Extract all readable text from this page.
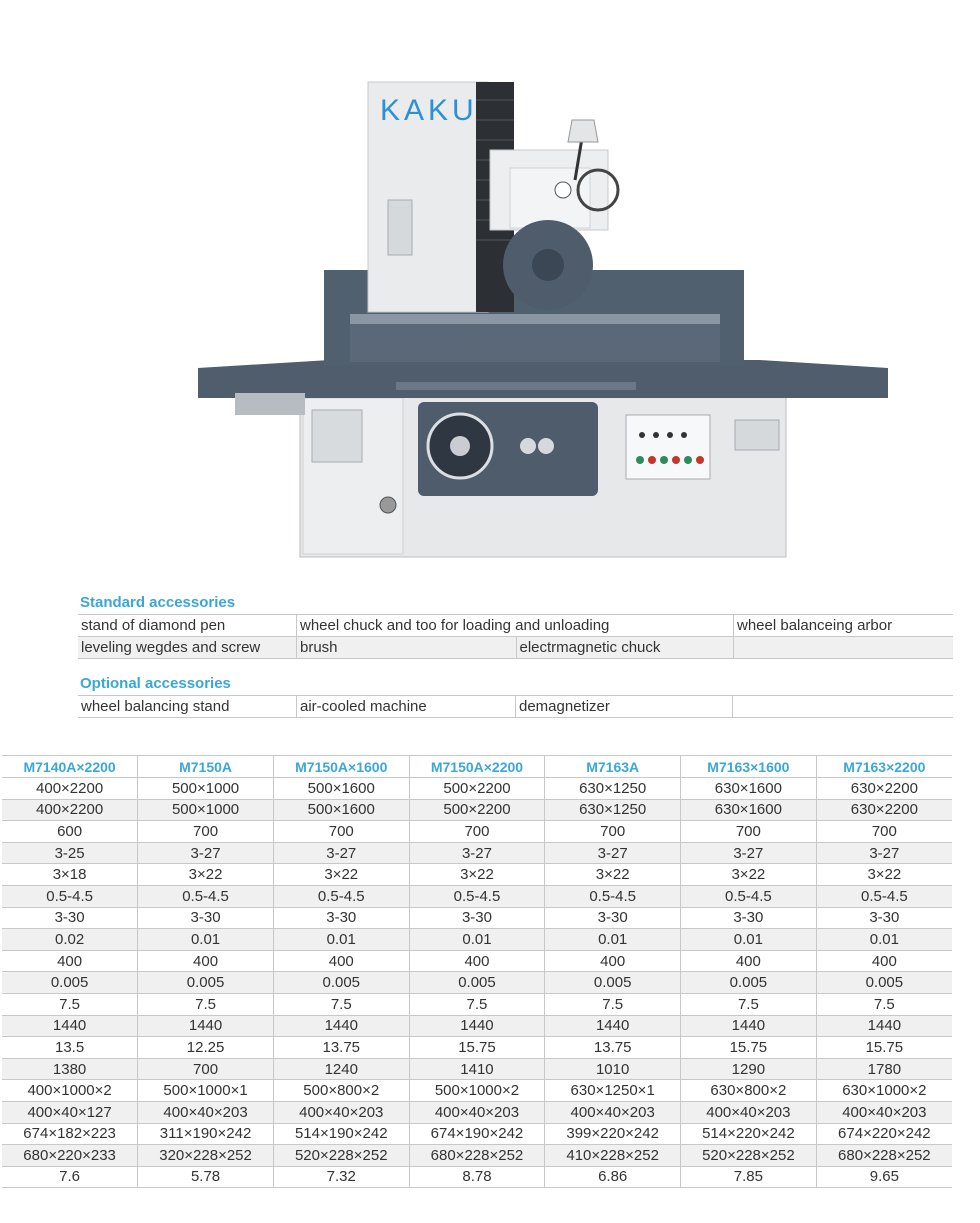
KAKU
Standard accessories
stand of diamond pen	wheel chuck and too for loading and unloading		wheel balanceing arbor
leveling wegdes and screw	brush	electrmagnetic chuck	
Optional accessories
wheel balancing stand	air-cooled machine	demagnetizer	
M7140A×2200	M7150A	M7150A×1600	M7150A×2200	M7163A	M7163×1600	M7163×2200
400×2200	500×1000	500×1600	500×2200	630×1250	630×1600	630×2200
400×2200	500×1000	500×1600	500×2200	630×1250	630×1600	630×2200
600	700	700	700	700	700	700
3-25	3-27	3-27	3-27	3-27	3-27	3-27
3×18	3×22	3×22	3×22	3×22	3×22	3×22
0.5-4.5	0.5-4.5	0.5-4.5	0.5-4.5	0.5-4.5	0.5-4.5	0.5-4.5
3-30	3-30	3-30	3-30	3-30	3-30	3-30
0.02	0.01	0.01	0.01	0.01	0.01	0.01
400	400	400	400	400	400	400
0.005	0.005	0.005	0.005	0.005	0.005	0.005
7.5	7.5	7.5	7.5	7.5	7.5	7.5
1440	1440	1440	1440	1440	1440	1440
13.5	12.25	13.75	15.75	13.75	15.75	15.75
1380	700	1240	1410	1010	1290	1780
400×1000×2	500×1000×1	500×800×2	500×1000×2	630×1250×1	630×800×2	630×1000×2
400×40×127	400×40×203	400×40×203	400×40×203	400×40×203	400×40×203	400×40×203
674×182×223	311×190×242	514×190×242	674×190×242	399×220×242	514×220×242	674×220×242
680×220×233	320×228×252	520×228×252	680×228×252	410×228×252	520×228×252	680×228×252
7.6	5.78	7.32	8.78	6.86	7.85	9.65
